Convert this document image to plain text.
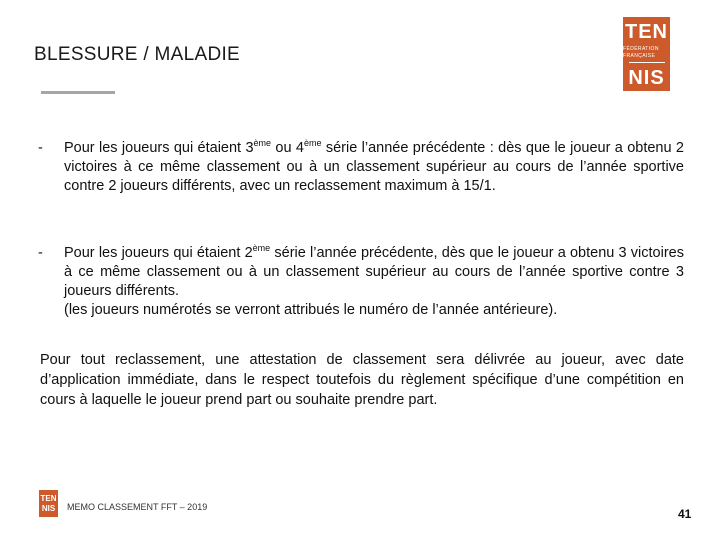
BLESSURE / MALADIE
TEN
FÉDÉRATION FRANÇAISE
NIS
- Pour les joueurs qui étaient 3ème ou 4ème série l’année précédente : dès que le joueur a obtenu 2 victoires à ce même classement ou à un classement supérieur au cours de l’année sportive contre 2 joueurs différents, avec un reclassement maximum à 15/1.
- Pour les joueurs qui étaient 2ème série l’année précédente, dès que le joueur a obtenu 3 victoires à ce même classement ou à un classement supérieur au cours de l’année sportive contre 3 joueurs différents.
(les joueurs numérotés se verront attribués le numéro de l’année antérieure).
Pour tout reclassement, une attestation de classement sera délivrée au joueur, avec date d’application immédiate, dans le respect toutefois du règlement spécifique d’une compétition en cours à laquelle le joueur prend part ou souhaite prendre part.
TEN
NIS MEMO CLASSEMENT FFT – 2019	41
